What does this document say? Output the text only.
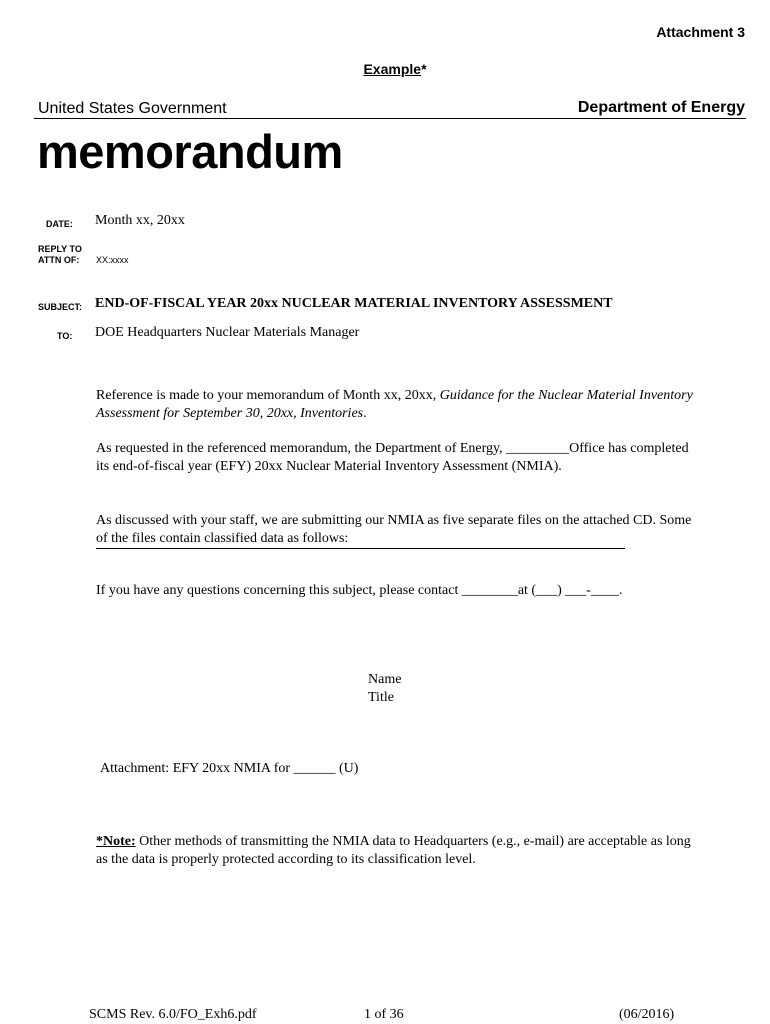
Attachment 3
Example*
United States Government	Department of Energy
memorandum
DATE: Month xx, 20xx
REPLY TO
ATTN OF: XX:xxxx
SUBJECT: END-OF-FISCAL YEAR 20xx NUCLEAR MATERIAL INVENTORY ASSESSMENT
TO: DOE Headquarters Nuclear Materials Manager
Reference is made to your memorandum of Month xx, 20xx, Guidance for the Nuclear Material Inventory Assessment for September 30, 20xx, Inventories.
As requested in the referenced memorandum, the Department of Energy, _________Office has completed its end-of-fiscal year (EFY) 20xx Nuclear Material Inventory Assessment (NMIA).
As discussed with your staff, we are submitting our NMIA as five separate files on the attached CD. Some of the files contain classified data as follows:
If you have any questions concerning this subject, please contact ________at (___) ___-____.
Name
Title
Attachment: EFY 20xx NMIA for ______ (U)
*Note: Other methods of transmitting the NMIA data to Headquarters (e.g., e-mail) are acceptable as long as the data is properly protected according to its classification level.
SCMS Rev. 6.0/FO_Exh6.pdf	1 of 36	(06/2016)
